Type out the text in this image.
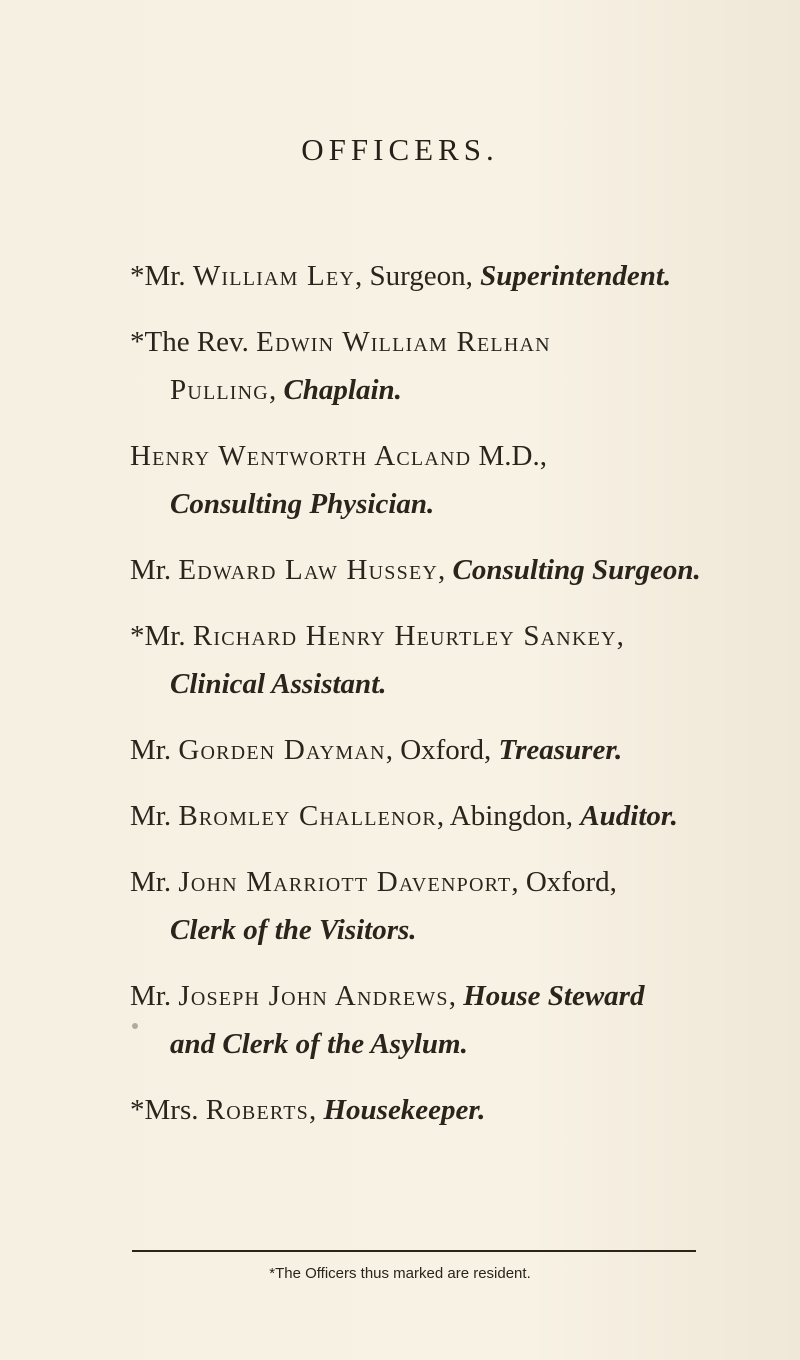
OFFICERS.
*Mr. William Ley, Surgeon, Superintendent.
*The Rev. Edwin William Relhan
Pulling, Chaplain.
Henry Wentworth Acland M.D.,
Consulting Physician.
Mr. Edward Law Hussey, Consulting Surgeon.
*Mr. Richard Henry Heurtley Sankey,
Clinical Assistant.
Mr. Gorden Dayman, Oxford, Treasurer.
Mr. Bromley Challenor, Abingdon, Auditor.
Mr. John Marriott Davenport, Oxford,
Clerk of the Visitors.
Mr. Joseph John Andrews, House Steward
and Clerk of the Asylum.
*Mrs. Roberts, Housekeeper.
*The Officers thus marked are resident.
